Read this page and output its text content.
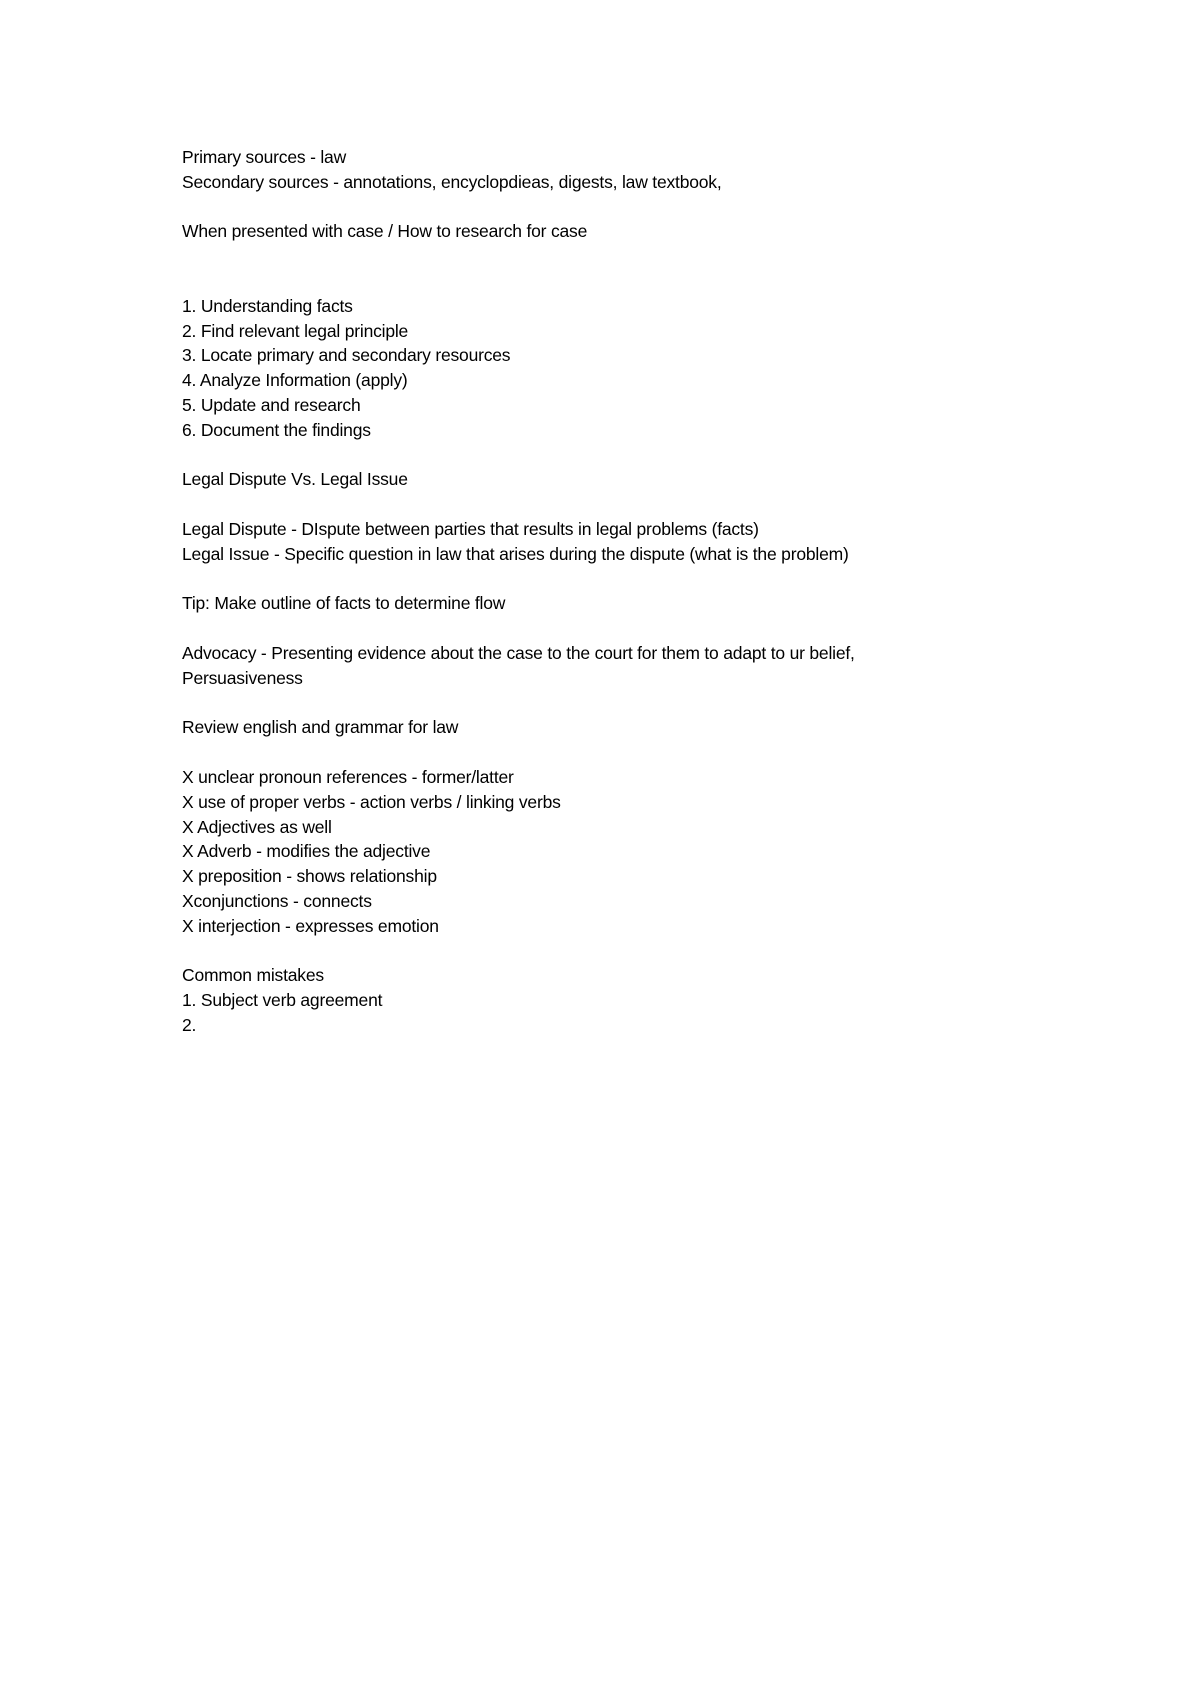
Primary sources - law
Secondary sources - annotations, encyclopdieas, digests, law textbook,
When presented with case / How to research for case
1. Understanding facts
2. Find relevant legal principle
3. Locate primary and secondary resources
4. Analyze Information (apply)
5. Update and research
6. Document the findings
Legal Dispute Vs. Legal Issue
Legal Dispute - DIspute between parties that results in legal problems (facts)
Legal Issue - Specific question in law that arises during the dispute (what is the problem)
Tip: Make outline of facts to determine flow
Advocacy - Presenting evidence about the case to the court for them to adapt to ur belief,
Persuasiveness
Review english and grammar for law
X unclear pronoun references - former/latter
X use of proper verbs - action verbs / linking verbs
X Adjectives as well
X Adverb - modifies the adjective
X preposition - shows relationship
Xconjunctions - connects
X interjection - expresses emotion
Common mistakes
1. Subject verb agreement
2.
